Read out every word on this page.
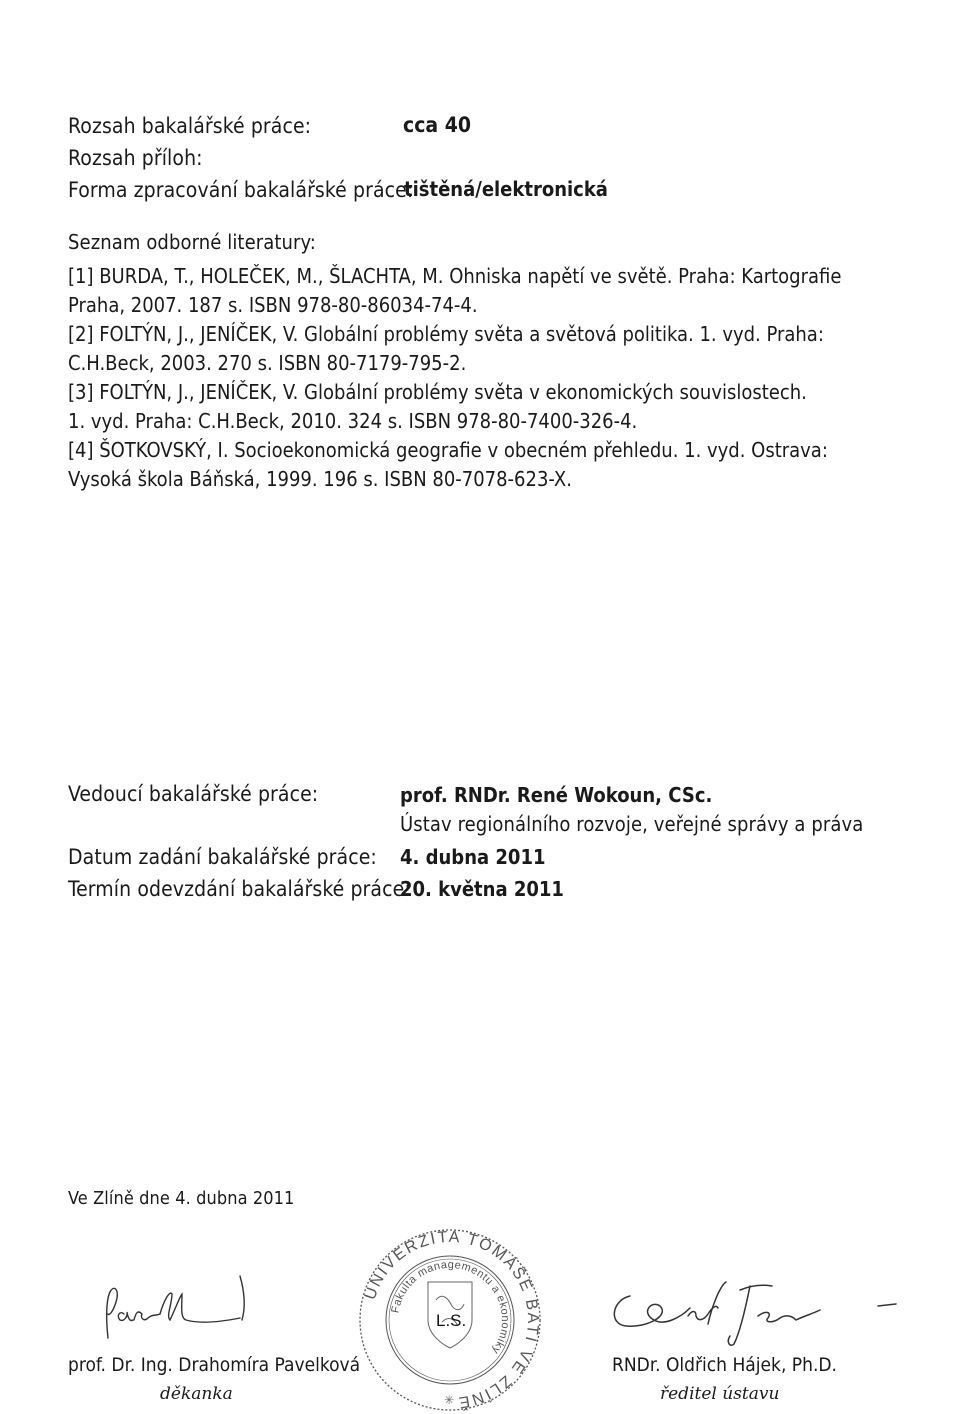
Rozsah bakalářské práce:	cca 40
Rozsah příloh:
Forma zpracování bakalářské práce:
tištěná/elektronická
Seznam odborné literatury:
[1] BURDA, T., HOLEČEK, M., ŠLACHTA, M. Ohniska napětí ve světě. Praha: Kartografie
Praha, 2007. 187 s. ISBN 978-80-86034-74-4.
[2] FOLTÝN, J., JENÍČEK, V. Globální problémy světa a světová politika. 1. vyd. Praha:
C.H.Beck, 2003. 270 s. ISBN 80-7179-795-2.
[3] FOLTÝN, J., JENÍČEK, V. Globální problémy světa v ekonomických souvislostech.
1. vyd. Praha: C.H.Beck, 2010. 324 s. ISBN 978-80-7400-326-4.
[4] ŠOTKOVSKÝ, I. Socioekonomická geografie v obecném přehledu. 1. vyd. Ostrava:
Vysoká škola Báňská, 1999. 196 s. ISBN 80-7078-623-X.
Vedoucí bakalářské práce:	prof. RNDr. René Wokoun, CSc.
Ústav regionálního rozvoje, veřejné správy a práva
Datum zadání bakalářské práce: 4. dubna 2011
Termín odevzdání bakalářské práce:
20. května 2011
Ve Zlíně dne 4. dubna 2011
UNIVERZITA TOMÁŠE BATI VE ZLÍNĚ
Fakulta managementu a ekonomiky
L.S.
✳
prof. Dr. Ing. Drahomíra Pavelková
děkanka
RNDr. Oldřich Hájek, Ph.D.
ředitel ústavu
